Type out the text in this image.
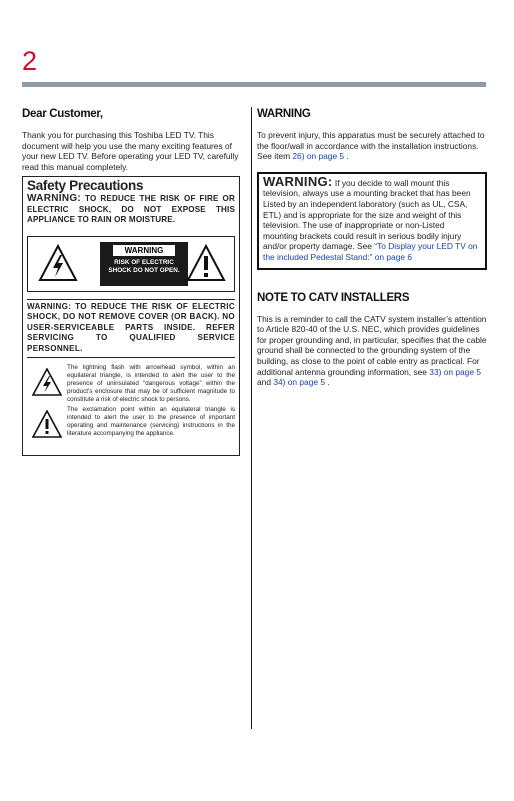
2
Dear Customer,

Thank you for purchasing this Toshiba LED TV. This document will help you use the many exciting features of your new LED TV. Before operating your LED TV, carefully read this manual completely.

Safety Precautions

WARNING: TO REDUCE THE RISK OF FIRE OR ELECTRIC SHOCK, DO NOT EXPOSE THIS APPLIANCE TO RAIN OR MOISTURE.

WARNING
RISK OF ELECTRIC
SHOCK DO NOT OPEN.
WARNING: TO REDUCE THE RISK OF ELECTRIC SHOCK, DO NOT REMOVE COVER (OR BACK). NO USER-SERVICEABLE PARTS INSIDE. REFER SERVICING TO QUALIFIED SERVICE PERSONNEL.
The lightning flash with arrowhead symbol, within an equilateral triangle, is intended to alert the user to the presence of uninsulated “dangerous voltage” within the product’s enclosure that may be of sufficient magnitude to constitute a risk of electric shock to persons.
The exclamation point within an equilateral triangle is intended to alert the user to the presence of important operating and maintenance (servicing) instructions in the literature accompanying the appliance.
WARNING

To prevent injury, this apparatus must be securely attached to the floor/wall in accordance with the installation instructions. See item 26) on page 5 .

WARNING: If you decide to wall mount this television, always use a mounting bracket that has been Listed by an independent laboratory (such as UL, CSA, ETL) and is appropriate for the size and weight of this television. The use of inappropriate or non-Listed mounting brackets could result in serious bodily injury and/or property damage. See “To Display your LED TV on the included Pedestal Stand:” on page 6
NOTE TO CATV INSTALLERS

This is a reminder to call the CATV system installer’s attention to Article 820-40 of the U.S. NEC, which provides guidelines for proper grounding and, in particular, specifies that the cable ground shall be connected to the grounding system of the building, as close to the point of cable entry as practical. For additional antenna grounding information, see 33) on page 5 and 34) on page 5 .
